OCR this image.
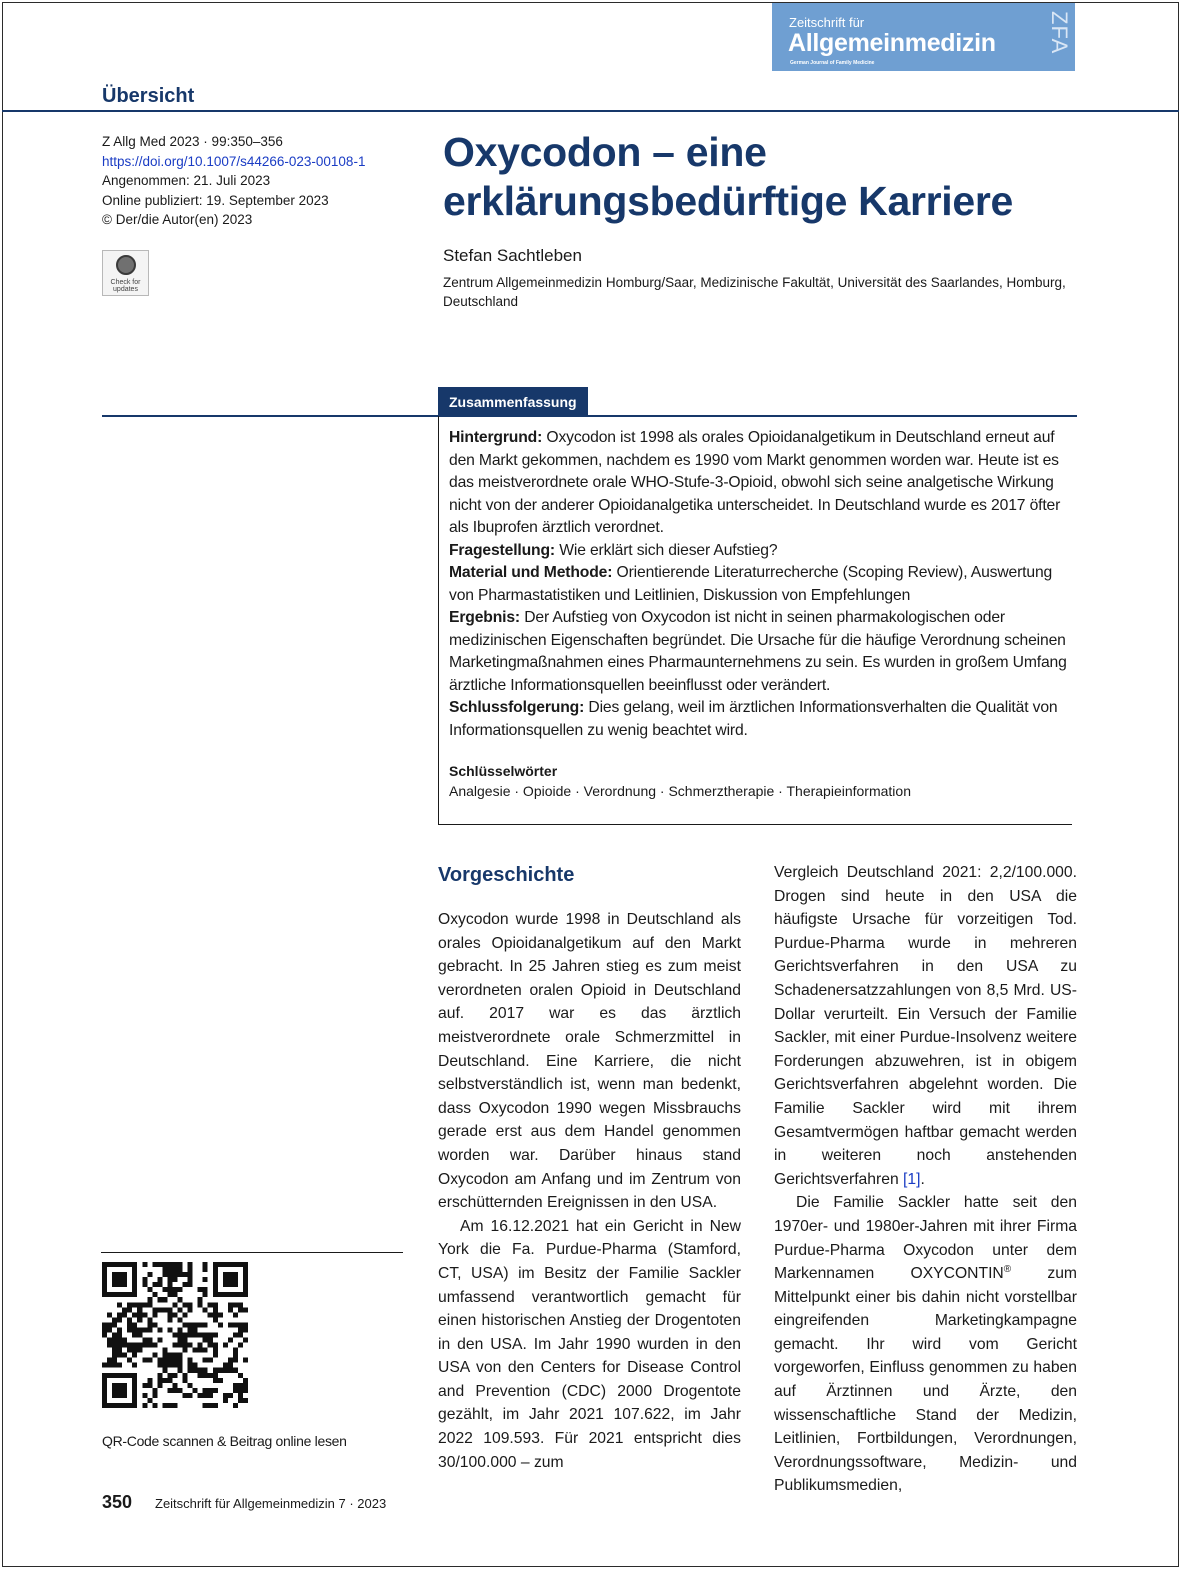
Zeitschrift für
Allgemeinmedizin
German Journal of Family Medicine
ZFA
Übersicht
Z Allg Med 2023 · 99:350–356
https://doi.org/10.1007/s44266-023-00108-1
Angenommen: 21. Juli 2023
Online publiziert: 19. September 2023
© Der/die Autor(en) 2023
Check for
updates
Oxycodon – eine
erklärungsbedürftige Karriere
Stefan Sachtleben
Zentrum Allgemeinmedizin Homburg/Saar, Medizinische Fakultät, Universität des Saarlandes, Homburg, Deutschland
Zusammenfassung

Hintergrund: Oxycodon ist 1998 als orales Opioidanalgetikum in Deutschland erneut auf den Markt gekommen, nachdem es 1990 vom Markt genommen worden war. Heute ist es das meistverordnete orale WHO-Stufe-3-Opioid, obwohl sich seine analgetische Wirkung nicht von der anderer Opioidanalgetika unterscheidet. In Deutschland wurde es 2017 öfter als Ibuprofen ärztlich verordnet.

Fragestellung: Wie erklärt sich dieser Aufstieg?

Material und Methode: Orientierende Literaturrecherche (Scoping Review), Auswertung von Pharmastatistiken und Leitlinien, Diskussion von Empfehlungen

Ergebnis: Der Aufstieg von Oxycodon ist nicht in seinen pharmakologischen oder medizinischen Eigenschaften begründet. Die Ursache für die häufige Verordnung scheinen Marketingmaßnahmen eines Pharmaunternehmens zu sein. Es wurden in großem Umfang ärztliche Informationsquellen beeinflusst oder verändert.

Schlussfolgerung: Dies gelang, weil im ärztlichen Informationsverhalten die Qualität von Informationsquellen zu wenig beachtet wird.

Schlüsselwörter
Analgesie · Opioide · Verordnung · Schmerztherapie · Therapieinformation
Vorgeschichte

Oxycodon wurde 1998 in Deutschland als orales Opioidanalgetikum auf den Markt gebracht. In 25 Jahren stieg es zum meist verordneten oralen Opioid in Deutschland auf. 2017 war es das ärztlich meistverordnete orale Schmerzmittel in Deutschland. Eine Karriere, die nicht selbstverständlich ist, wenn man bedenkt, dass Oxycodon 1990 wegen Missbrauchs gerade erst aus dem Handel genommen worden war. Darüber hinaus stand Oxycodon am Anfang und im Zentrum von erschütternden Ereignissen in den USA.

Am 16.12.2021 hat ein Gericht in New York die Fa. Purdue-Pharma (Stamford, CT, USA) im Besitz der Familie Sackler umfassend verantwortlich gemacht für einen historischen Anstieg der Drogentoten in den USA. Im Jahr 1990 wurden in den USA von den Centers for Disease Control and Prevention (CDC) 2000 Drogentote gezählt, im Jahr 2021 107.622, im Jahr 2022 109.593. Für 2021 entspricht dies 30/100.000 – zum

Vergleich Deutschland 2021: 2,2/100.000. Drogen sind heute in den USA die häufigste Ursache für vorzeitigen Tod. Purdue-Pharma wurde in mehreren Gerichtsverfahren in den USA zu Schadenersatzzahlungen von 8,5 Mrd. US-Dollar verurteilt. Ein Versuch der Familie Sackler, mit einer Purdue-Insolvenz weitere Forderungen abzuwehren, ist in obigem Gerichtsverfahren abgelehnt worden. Die Familie Sackler wird mit ihrem Gesamtvermögen haftbar gemacht werden in weiteren noch anstehenden Gerichtsverfahren [1].

Die Familie Sackler hatte seit den 1970er- und 1980er-Jahren mit ihrer Firma Purdue-Pharma Oxycodon unter dem Markennamen OXYCONTIN® zum Mittelpunkt einer bis dahin nicht vorstellbar eingreifenden Marketingkampagne gemacht. Ihr wird vom Gericht vorgeworfen, Einfluss genommen zu haben auf Ärztinnen und Ärzte, den wissenschaftliche Stand der Medizin, Leitlinien, Fortbildungen, Verordnungen, Verordnungssoftware, Medizin- und Publikumsmedien,

QR-Code scannen & Beitrag online lesen
350 Zeitschrift für Allgemeinmedizin 7 · 2023
